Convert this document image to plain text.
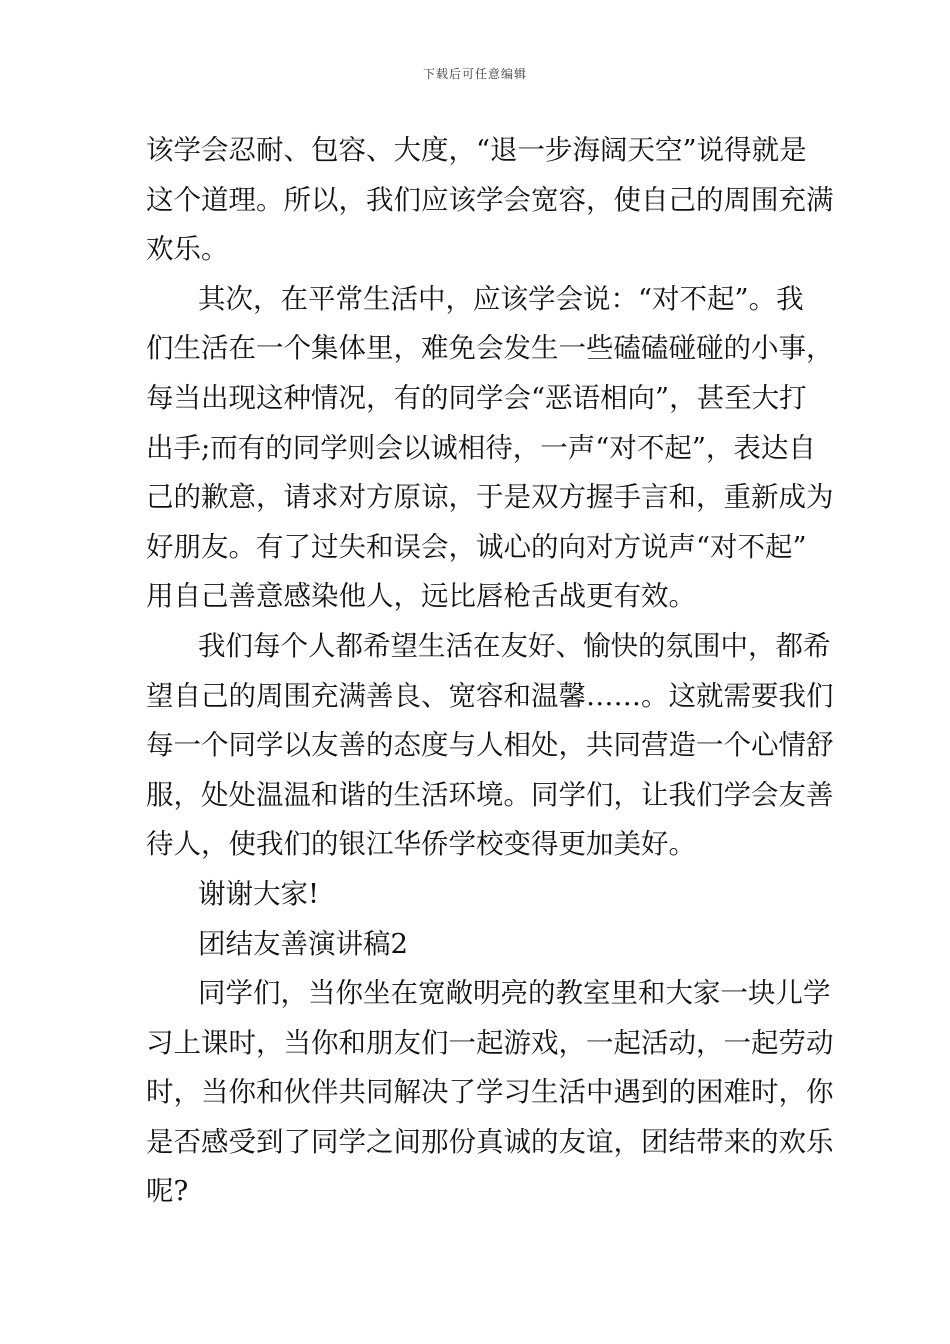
下载后可任意编辑
该学会忍耐、包容、大度，“退一步海阔天空”说得就是
这个道理。所以，我们应该学会宽容，使自己的周围充满
欢乐。
其次，在平常生活中，应该学会说：“对不起”。我
们生活在一个集体里，难免会发生一些磕磕碰碰的小事，
每当出现这种情况，有的同学会“恶语相向”，甚至大打
出手;而有的同学则会以诚相待，一声“对不起”，表达自
己的歉意，请求对方原谅，于是双方握手言和，重新成为
好朋友。有了过失和误会，诚心的向对方说声“对不起”
用自己善意感染他人，远比唇枪舌战更有效。
我们每个人都希望生活在友好、愉快的氛围中，都希
望自己的周围充满善良、宽容和温馨……。这就需要我们
每一个同学以友善的态度与人相处，共同营造一个心情舒
服，处处温温和谐的生活环境。同学们，让我们学会友善
待人，使我们的银江华侨学校变得更加美好。
谢谢大家!
团结友善演讲稿2
同学们，当你坐在宽敞明亮的教室里和大家一块儿学
习上课时，当你和朋友们一起游戏，一起活动，一起劳动
时，当你和伙伴共同解决了学习生活中遇到的困难时，你
是否感受到了同学之间那份真诚的友谊，团结带来的欢乐
呢?
